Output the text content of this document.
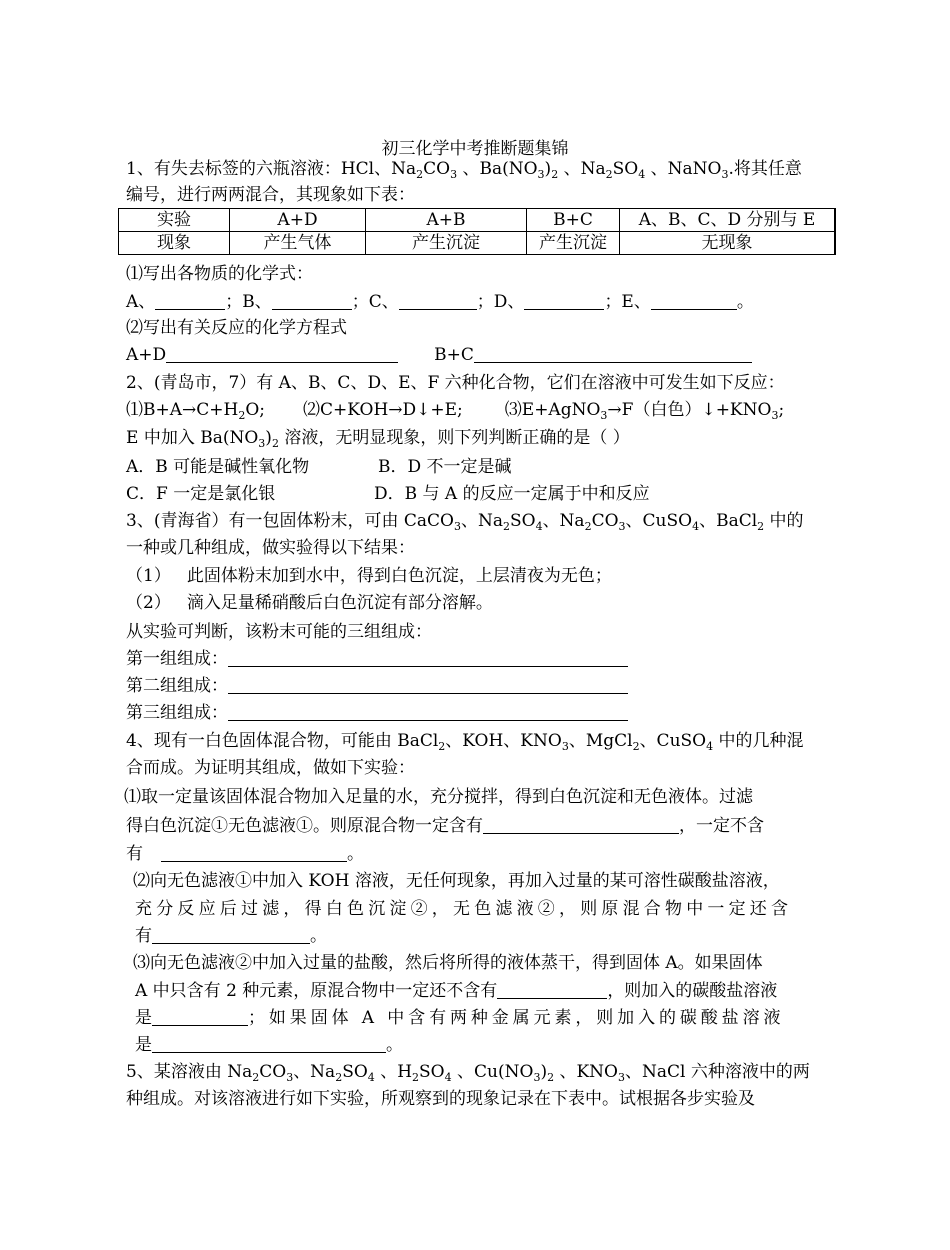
初三化学中考推断题集锦
1、有失去标签的六瓶溶液：HCl、$Na_2CO_3$ 、$Ba(NO_3)_2$ 、$Na_2SO_4$ 、NaNO$_3$.将其任意
编号，进行两两混合，其现象如下表：
实验	A+D	A+B	B+C	A、B、C、D 分别与 E
现象	产生气体	产生沉淀	产生沉淀	无现象
⑴写出各物质的化学式：
A、	；B、	；C、	；D、	；E、	。
⑵写出有关反应的化学方程式
A+D	B+C
2、(青岛市，7）有 A、B、C、D、E、F 六种化合物，它们在溶液中可发生如下反应：
$⑴B+A\to C+H_2O$; ⑵C+KOH→D↓+E; ⑶E+AgNO$_3$→F（白色）$↓+KNO_3$;
E 中加入 $Ba(NO_3)_2$ 溶液，无明显现象，则下列判断正确的是（ ）
A．B 可能是碱性氧化物	B．D 不一定是碱
C．F 一定是氯化银	D．B 与 A 的反应一定属于中和反应
3、(青海省）有一包固体粉末，可由 CaCO$_3$、$Na_2SO_4$、$Na_2CO_3$、CuSO$_4$、BaCl$_2$ 中的
一种或几种组成，做实验得以下结果：
（1） 此固体粉末加到水中，得到白色沉淀，上层清夜为无色；
（2） 滴入足量稀硝酸后白色沉淀有部分溶解。
从实验可判断，该粉末可能的三组组成：
第一组组成：
第二组组成：
第三组组成：
4、现有一白色固体混合物，可能由 BaCl$_2$、KOH、$KNO_3$、MgCl$_2$、CuSO$_4$ 中的几种混
合而成。为证明其组成，做如下实验：
⑴取一定量该固体混合物加入足量的水，充分搅拌，得到白色沉淀和无色液体。过滤
得白色沉淀①无色滤液①。则原混合物一定含有	，一定不含
有	。
⑵向无色滤液①中加入 KOH 溶液，无任何现象，再加入过量的某可溶性碳酸盐溶液，
充分反应后过滤，得白色沉淀②，无色滤液②，则原混合物中一定还含
有	。
⑶向无色滤液②中加入过量的盐酸，然后将所得的液体蒸干，得到固体 A。如果固体
A 中只含有 2 种元素，原混合物中一定还不含有	，则加入的碳酸盐溶液
是	；如果固体 A 中含有两种金属元素，则加入的碳酸盐溶液
是	。
5、某溶液由 $Na_2CO_3$、$Na_2SO_4$ 、$H_2SO_4$ 、$Cu(NO_3)_2$ 、$KNO_3$、NaCl 六种溶液中的两
种组成。对该溶液进行如下实验，所观察到的现象记录在下表中。试根据各步实验及
